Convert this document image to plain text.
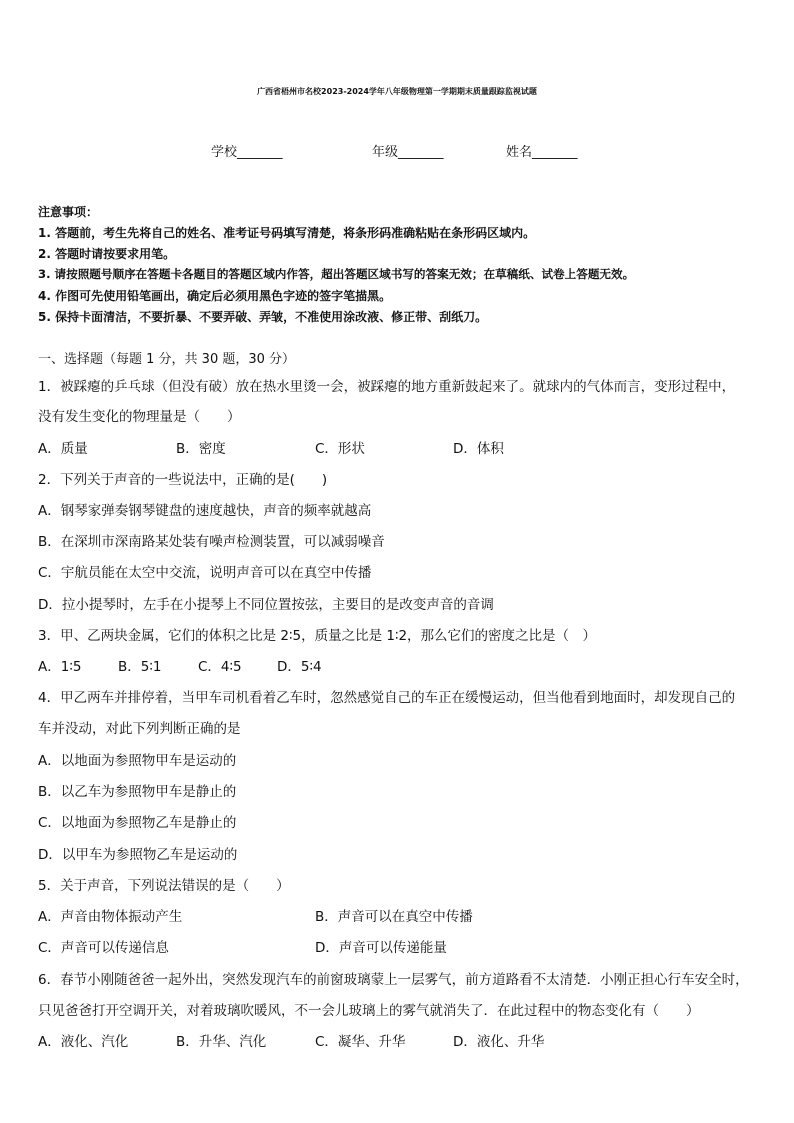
广西省梧州市名校2023-2024学年八年级物理第一学期期末质量跟踪监视试题
学校_______	年级_______	姓名_______
注意事项：
1. 答题前，考生先将自己的姓名、准考证号码填写清楚，将条形码准确粘贴在条形码区域内。
2. 答题时请按要求用笔。
3. 请按照题号顺序在答题卡各题目的答题区域内作答，超出答题区域书写的答案无效；在草稿纸、试卷上答题无效。
4. 作图可先使用铅笔画出，确定后必须用黑色字迹的签字笔描黑。
5. 保持卡面清洁，不要折暴、不要弄破、弄皱，不准使用涂改液、修正带、刮纸刀。
一、选择题（每题 1 分，共 30 题，30 分）
1．被踩瘪的乒乓球（但没有破）放在热水里烫一会，被踩瘪的地方重新鼓起来了。就球内的气体而言，变形过程中，
没有发生变化的物理量是（　　）
A．质量	B．密度	C．形状	D．体积
2．下列关于声音的一些说法中，正确的是(　　)
A．钢琴家弹奏钢琴键盘的速度越快，声音的频率就越高
B．在深圳市深南路某处装有噪声检测装置，可以减弱噪音
C．宇航员能在太空中交流，说明声音可以在真空中传播
D．拉小提琴时，左手在小提琴上不同位置按弦，主要目的是改变声音的音调
3．甲、乙两块金属，它们的体积之比是 2∶5，质量之比是 1∶2，那么它们的密度之比是（　）
A．1∶5	B．5∶1	C．4∶5	D．5∶4
4．甲乙两车并排停着，当甲车司机看着乙车时，忽然感觉自己的车正在缓慢运动，但当他看到地面时，却发现自己的
车并没动，对此下列判断正确的是
A．以地面为参照物甲车是运动的
B．以乙车为参照物甲车是静止的
C．以地面为参照物乙车是静止的
D．以甲车为参照物乙车是运动的
5．关于声音，下列说法错误的是（　　）
A．声音由物体振动产生	B．声音可以在真空中传播
C．声音可以传递信息	D．声音可以传递能量
6．春节小刚随爸爸一起外出，突然发现汽车的前窗玻璃蒙上一层雾气，前方道路看不太清楚．小刚正担心行车安全时，
只见爸爸打开空调开关，对着玻璃吹暖风，不一会儿玻璃上的雾气就消失了．在此过程中的物态变化有（　　）
A．液化、汽化	B．升华、汽化	C．凝华、升华	D．液化、升华
